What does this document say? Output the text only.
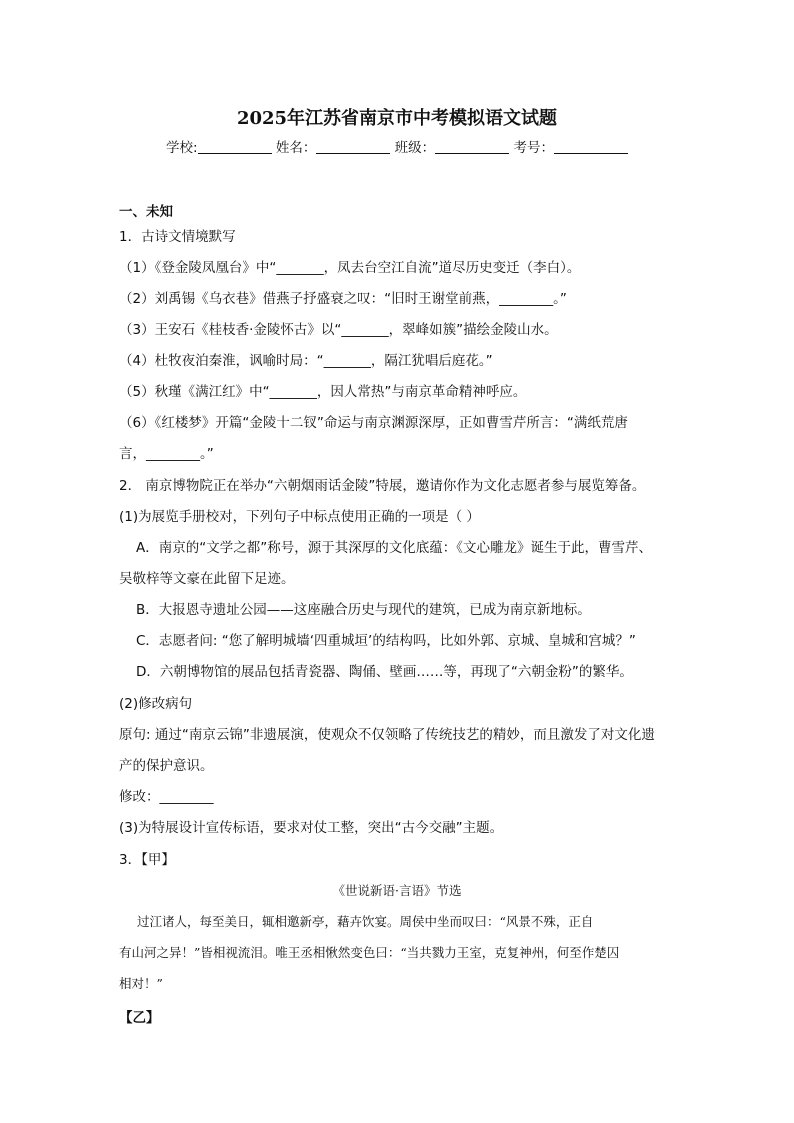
2025年江苏省南京市中考模拟语文试题
学校:	姓名：	班级：	考号：
一、未知
1．古诗文情境默写
（1）《登金陵凤凰台》中“_______，凤去台空江自流”道尽历史变迁（李白）。
（2）刘禹锡《乌衣巷》借燕子抒盛衰之叹：“旧时王谢堂前燕，________。”
（3）王安石《桂枝香·金陵怀古》以“_______，翠峰如簇”描绘金陵山水。
（4）杜牧夜泊秦淮，讽喻时局：“_______，隔江犹唱后庭花。”
（5）秋瑾《满江红》中“_______，因人常热”与南京革命精神呼应。
（6）《红楼梦》开篇“金陵十二钗”命运与南京渊源深厚，正如曹雪芹所言：“满纸荒唐
言，________。”
2． 南京博物院正在举办“六朝烟雨话金陵”特展，邀请你作为文化志愿者参与展览筹备。
(1)为展览手册校对，下列句子中标点使用正确的一项是（ ）
A．南京的“文学之都”称号，源于其深厚的文化底蕴：《文心雕龙》诞生于此，曹雪芹、
吴敬梓等文豪在此留下足迹。
B．大报恩寺遗址公园——这座融合历史与现代的建筑，已成为南京新地标。
C．志愿者问: “您了解明城墙‘四重城垣’的结构吗，比如外郭、京城、皇城和宫城？”
D．六朝博物馆的展品包括青瓷器、陶俑、壁画……等，再现了“六朝金粉”的繁华。
(2)修改病句
原句: 通过“南京云锦”非遗展演，使观众不仅领略了传统技艺的精妙，而且激发了对文化遗
产的保护意识。
修改：________
(3)为特展设计宣传标语，要求对仗工整，突出“古今交融”主题。
3．【甲】
《世说新语·言语》节选
过江诸人，每至美日，辄相邀新亭，藉卉饮宴。周侯中坐而叹曰：“风景不殊，正自
有山河之异！”皆相视流泪。唯王丞相愀然变色曰：“当共戮力王室，克复神州，何至作楚囚
相对！”
【乙】
